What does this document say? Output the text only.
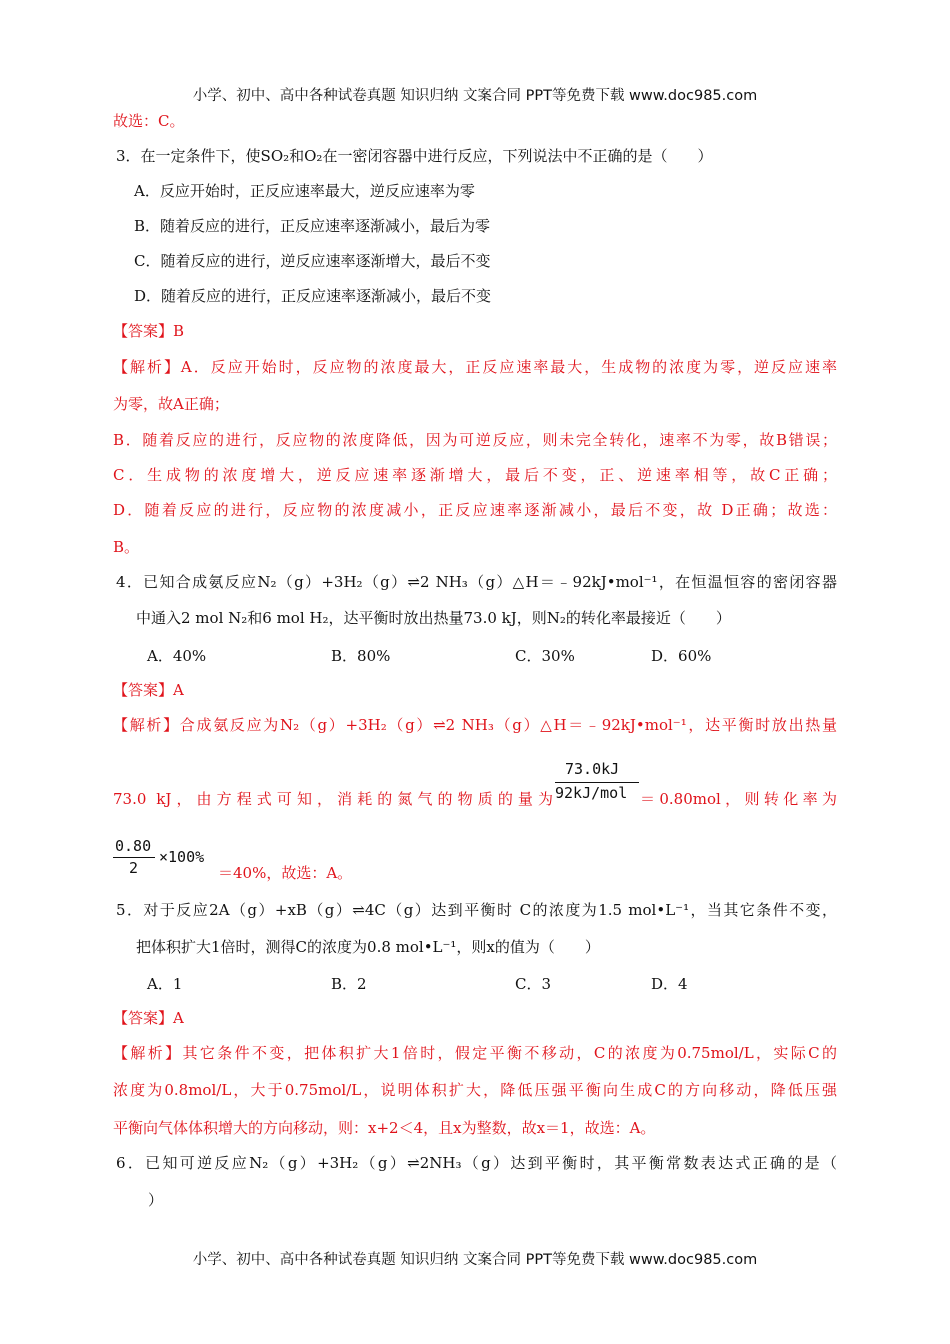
小学、初中、高中各种试卷真题 知识归纳 文案合同 PPT等免费下载 www.doc985.com
故选：C。
3．在一定条件下，使SO₂和O₂在一密闭容器中进行反应，下列说法中不正确的是（　　）
A．反应开始时，正反应速率最大，逆反应速率为零
B．随着反应的进行，正反应速率逐渐减小，最后为零
C．随着反应的进行，逆反应速率逐渐增大，最后不变
D．随着反应的进行，正反应速率逐渐减小，最后不变
【答案】B
【解析】A．反应开始时，反应物的浓度最大，正反应速率最大，生成物的浓度为零，逆反应速率
为零，故A正确；
B．随着反应的进行，反应物的浓度降低，因为可逆反应，则未完全转化，速率不为零，故B错误；
C．生成物的浓度增大，逆反应速率逐渐增大，最后不变，正、逆速率相等，故C正确；
D．随着反应的进行，反应物的浓度减小，正反应速率逐渐减小，最后不变，故 D正确；故选：
B。
4．已知合成氨反应N₂（g）+3H₂（g）⇌2 NH₃（g）△H＝﹣92kJ•mol⁻¹，在恒温恒容的密闭容器
中通入2 mol N₂和6 mol H₂，达平衡时放出热量73.0 kJ，则N₂的转化率最接近（　　）
A．40%	B．80%	C．30%	D．60%
【答案】A
【解析】合成氨反应为N₂（g）+3H₂（g）⇌2 NH₃（g）△H＝﹣92kJ•mol⁻¹，达平衡时放出热量
73.0 kJ，由方程式可知，消耗的氮气的物质的量为
73.0kJ
92kJ/mol ＝0.80mol，则转化率为
0.80
2
×100%
＝40%，故选：A。
5．对于反应2A（g）+xB（g）⇌4C（g）达到平衡时 C的浓度为1.5 mol•L⁻¹，当其它条件不变，
把体积扩大1倍时，测得C的浓度为0.8 mol•L⁻¹，则x的值为（　　）
A．1	B．2	C．3	D．4
【答案】A
【解析】其它条件不变，把体积扩大1倍时，假定平衡不移动，C的浓度为0.75mol/L，实际C的
浓度为0.8mol/L，大于0.75mol/L，说明体积扩大，降低压强平衡向生成C的方向移动，降低压强
平衡向气体体积增大的方向移动，则：x+2＜4，且x为整数，故x＝1，故选：A。
6．已知可逆反应N₂（g）+3H₂（g）⇌2NH₃（g）达到平衡时，其平衡常数表达式正确的是（
）
小学、初中、高中各种试卷真题 知识归纳 文案合同 PPT等免费下载 www.doc985.com
